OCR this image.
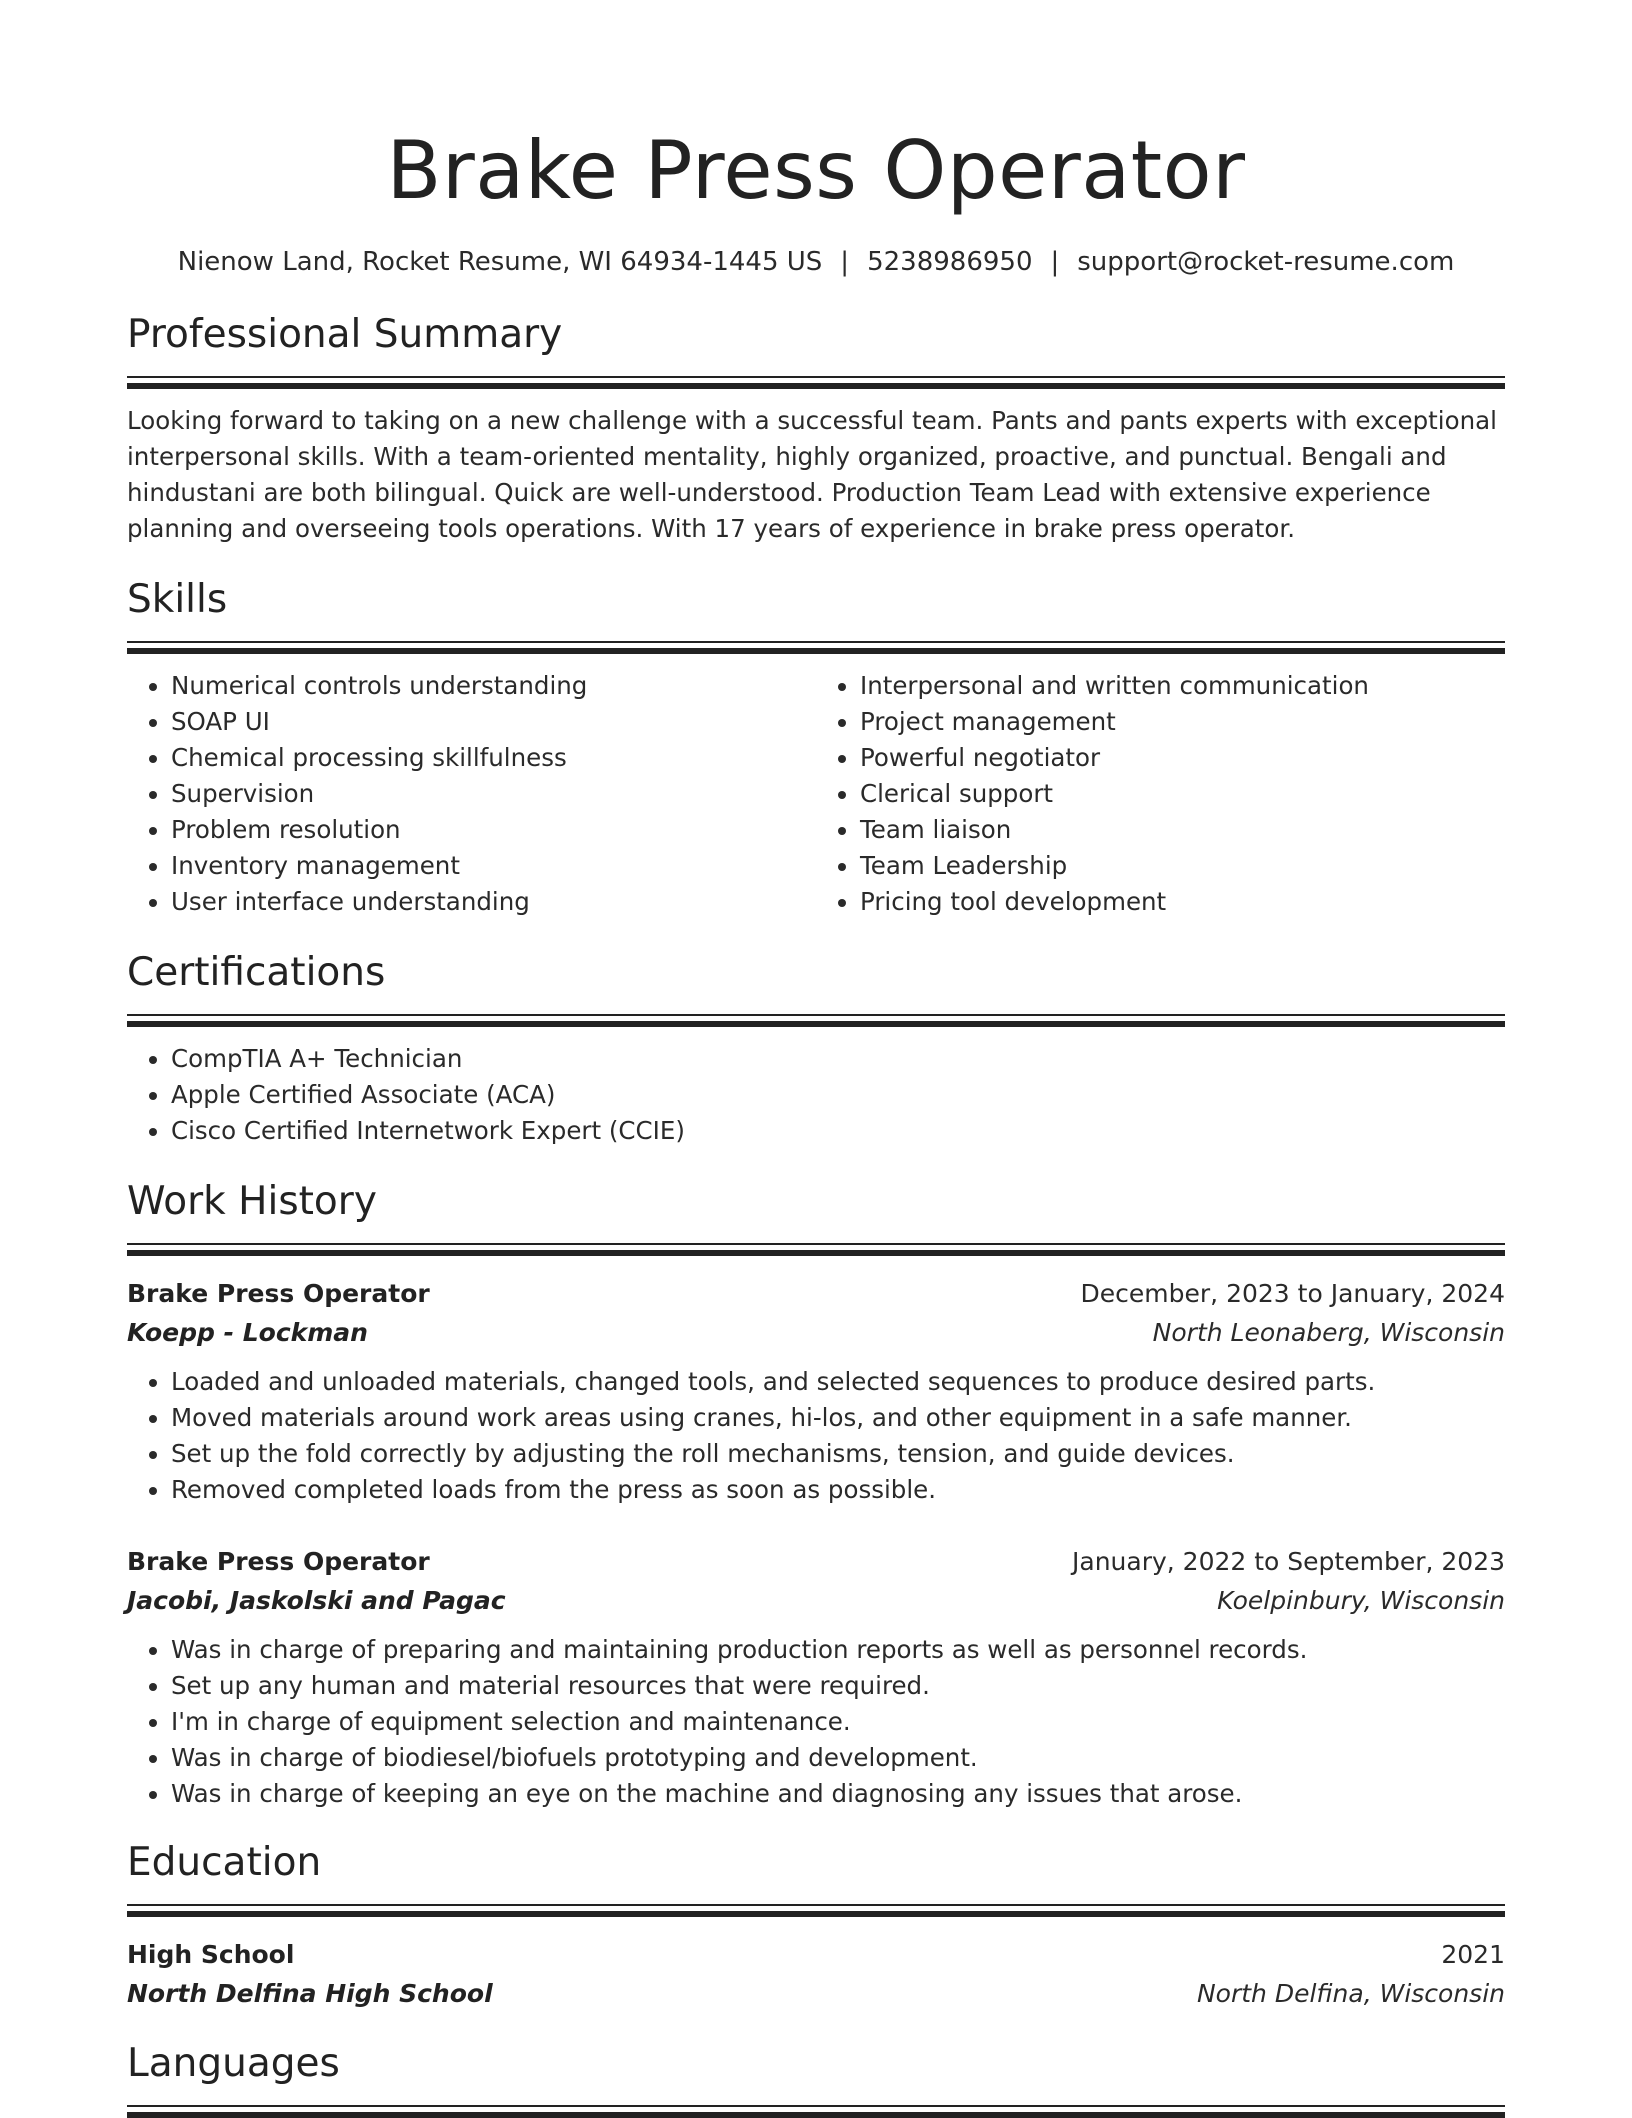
Brake Press Operator
Nienow Land, Rocket Resume, WI 64934-1445 US | 5238986950 | support@rocket-resume.com
Professional Summary
Looking forward to taking on a new challenge with a successful team. Pants and pants experts with exceptional interpersonal skills. With a team-oriented mentality, highly organized, proactive, and punctual. Bengali and hindustani are both bilingual. Quick are well-understood. Production Team Lead with extensive experience planning and overseeing tools operations. With 17 years of experience in brake press operator.
Skills
• Numerical controls understanding
• SOAP UI
• Chemical processing skillfulness
• Supervision
• Problem resolution
• Inventory management
• User interface understanding
• Interpersonal and written communication
• Project management
• Powerful negotiator
• Clerical support
• Team liaison
• Team Leadership
• Pricing tool development
Certifications
• CompTIA A+ Technician
• Apple Certified Associate (ACA)
• Cisco Certified Internetwork Expert (CCIE)
Work History
Brake Press Operator	December, 2023 to January, 2024
Koepp - Lockman	North Leonaberg, Wisconsin
• Loaded and unloaded materials, changed tools, and selected sequences to produce desired parts.
• Moved materials around work areas using cranes, hi-los, and other equipment in a safe manner.
• Set up the fold correctly by adjusting the roll mechanisms, tension, and guide devices.
• Removed completed loads from the press as soon as possible.
Brake Press Operator	January, 2022 to September, 2023
Jacobi, Jaskolski and Pagac	Koelpinbury, Wisconsin
• Was in charge of preparing and maintaining production reports as well as personnel records.
• Set up any human and material resources that were required.
• I'm in charge of equipment selection and maintenance.
• Was in charge of biodiesel/biofuels prototyping and development.
• Was in charge of keeping an eye on the machine and diagnosing any issues that arose.
Education
High School	2021
North Delfina High School	North Delfina, Wisconsin
Languages
